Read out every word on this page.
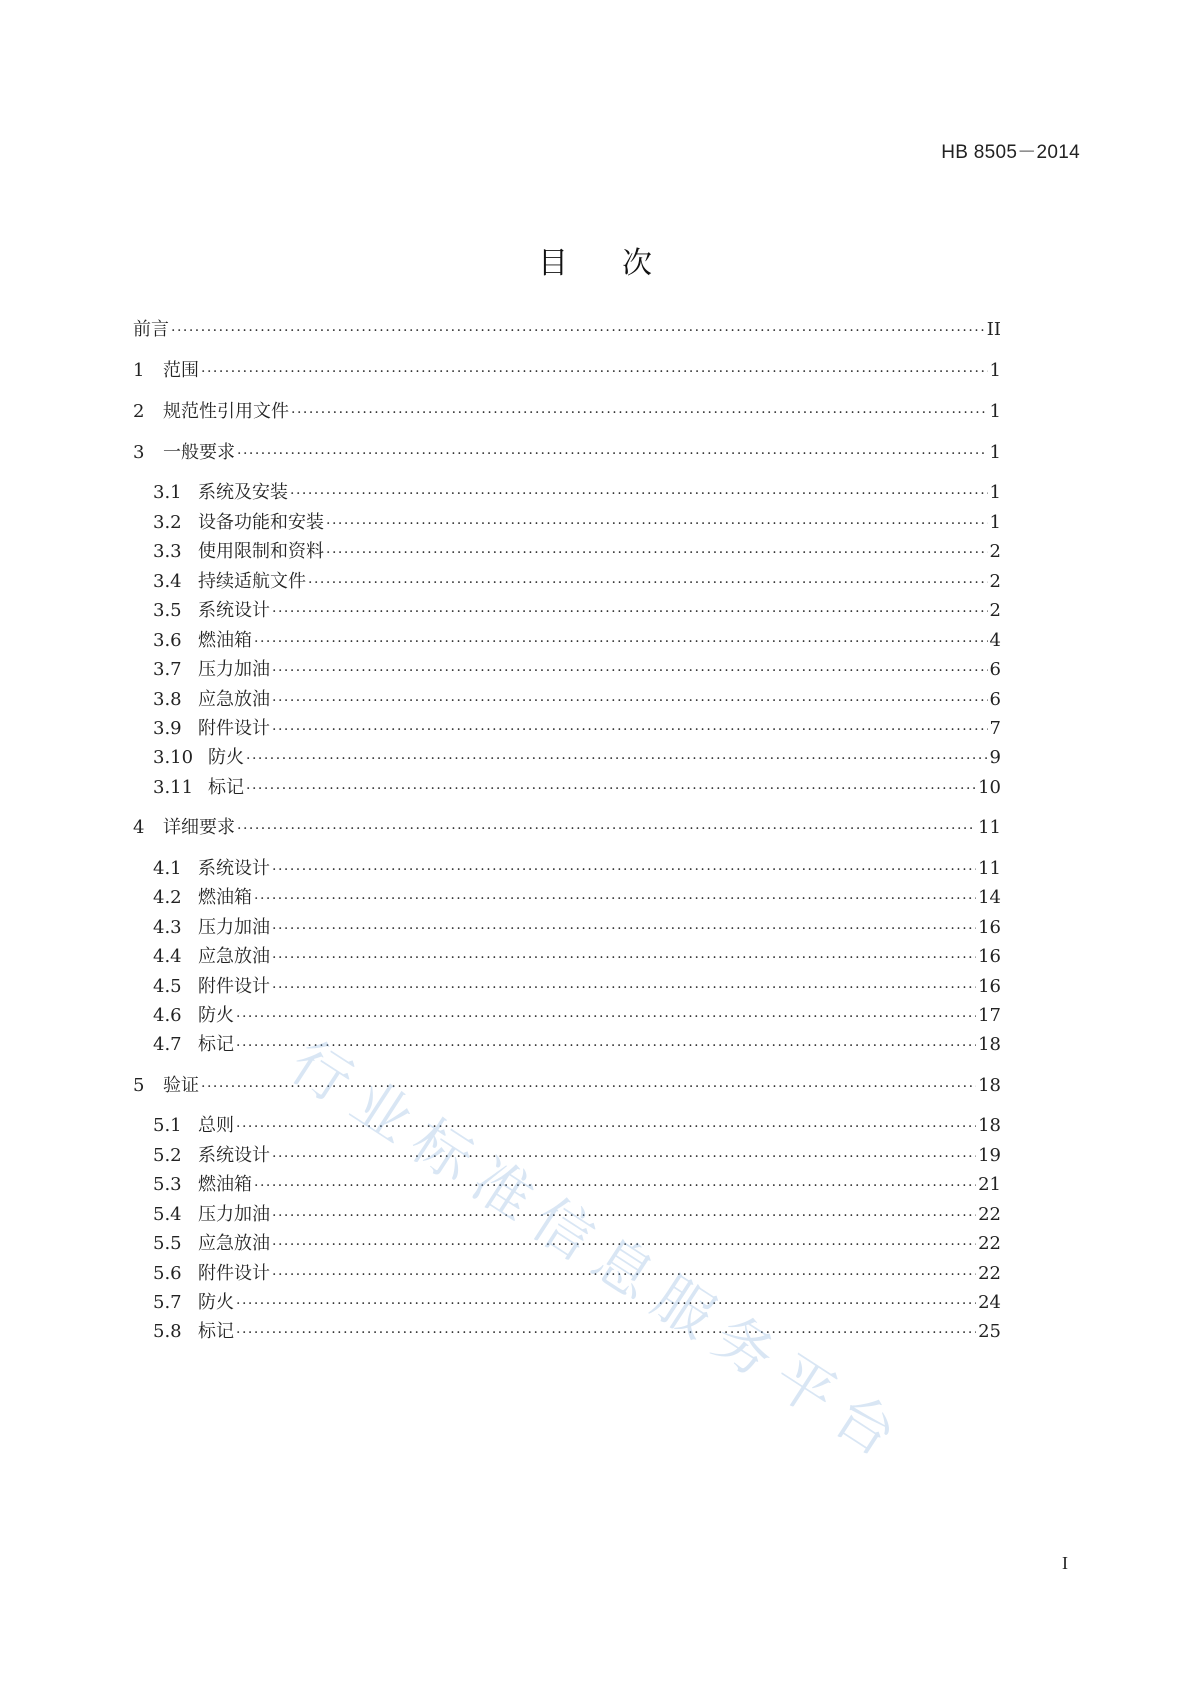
HB 8505－2014
目 次
前言 ·····	II
1	范围 ·····	1
2	规范性引用文件 ·····	1
3	一般要求 ·····	1
3.1 系统及安装 ·····	1
3.2 设备功能和安装 ·····	1
3.3 使用限制和资料 ·····	2
3.4 持续适航文件 ·····	2
3.5 系统设计 ·····	2
3.6 燃油箱 ·····	4
3.7 压力加油 ·····	6
3.8 应急放油 ·····	6
3.9 附件设计 ·····	7
3.10 防火 ·····	9
3.11 标记 ·····	10
4	详细要求 ·····	11
4.1 系统设计 ·····	11
4.2 燃油箱 ·····	14
4.3 压力加油 ·····	16
4.4 应急放油 ·····	16
4.5 附件设计 ·····	16
4.6 防火 ·····	17
4.7 标记 ·····	18
5	验证 ·····	18
5.1 总则 ·····	18
5.2 系统设计 ·····	19
5.3 燃油箱 ·····	21
5.4 压力加油 ·····	22
5.5 应急放油 ·····	22
5.6 附件设计 ·····	22
5.7 防火 ·····	24
5.8 标记 ·····	25
行业标准信息服务平台
I
